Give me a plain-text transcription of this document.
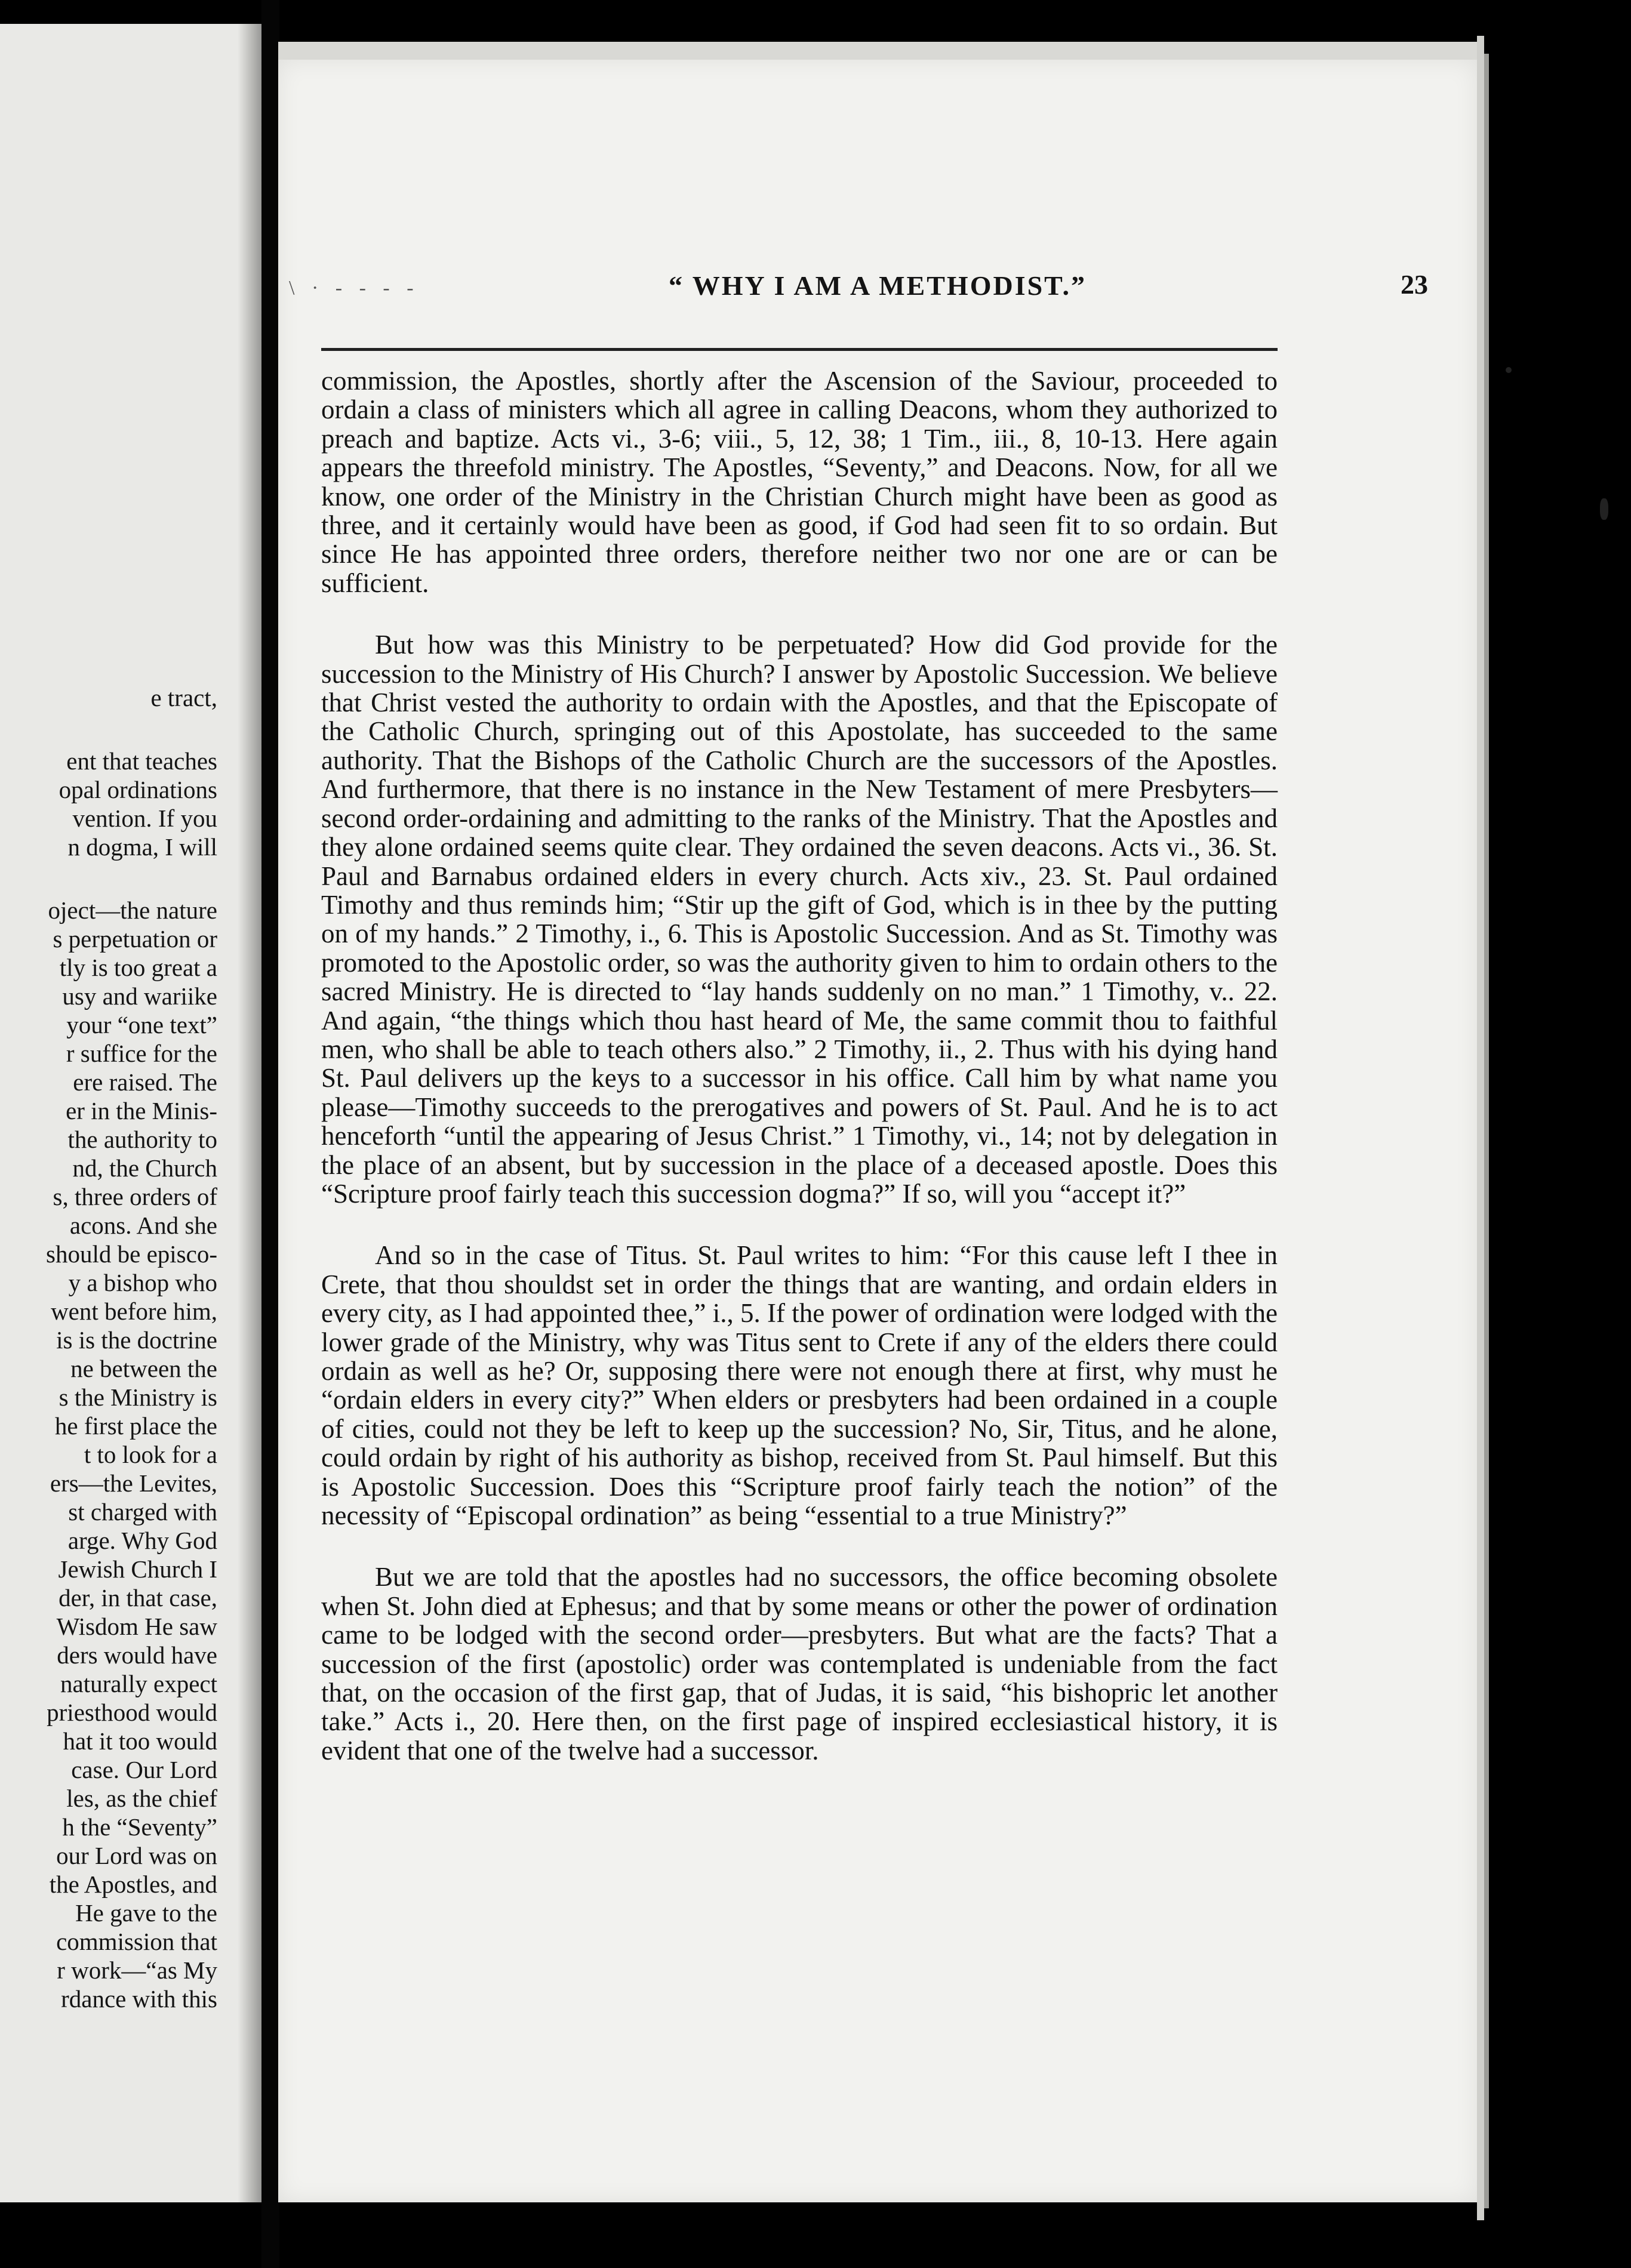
e tract,
ent that teaches
opal ordinations
vention. If you
n dogma, I will
oject—the nature
s perpetuation or
tly is too great a
usy and wariike
your “one text”
r suffice for the
ere raised. The
er in the Minis-
the authority to
nd, the Church
s, three orders of
acons. And she
should be episco-
y a bishop who
went before him,
is is the doctrine
ne between the
s the Ministry is
he first place the
t to look for a
ers—the Levites,
st charged with
arge. Why God
Jewish Church I
der, in that case,
Wisdom He saw
ders would have
naturally expect
priesthood would
hat it too would
case. Our Lord
les, as the chief
h the “Seventy”
our Lord was on
the Apostles, and
He gave to the
commission that
r work—“as My
rdance with this
\ · - - - -	“ WHY I AM A METHODIST.”	23

commission, the Apostles, shortly after the Ascension of the Saviour, proceeded to ordain a class of ministers which all agree in calling Deacons, whom they authorized to preach and baptize. Acts vi., 3-6; viii., 5, 12, 38; 1 Tim., iii., 8, 10-13. Here again appears the threefold ministry. The Apostles, “Seventy,” and Deacons. Now, for all we know, one order of the Ministry in the Christian Church might have been as good as three, and it certainly would have been as good, if God had seen fit to so ordain. But since He has appointed three orders, therefore neither two nor one are or can be sufficient.

But how was this Ministry to be perpetuated? How did God provide for the succession to the Ministry of His Church? I answer by Apostolic Succession. We believe that Christ vested the authority to ordain with the Apostles, and that the Episcopate of the Catholic Church, springing out of this Apostolate, has succeeded to the same authority. That the Bishops of the Catholic Church are the successors of the Apostles. And furthermore, that there is no instance in the New Testament of mere Presbyters—second order-ordaining and admitting to the ranks of the Ministry. That the Apostles and they alone ordained seems quite clear. They ordained the seven deacons. Acts vi., 36. St. Paul and Barnabus ordained elders in every church. Acts xiv., 23. St. Paul ordained Timothy and thus reminds him; “Stir up the gift of God, which is in thee by the putting on of my hands.” 2 Timothy, i., 6. This is Apostolic Succession. And as St. Timothy was promoted to the Apostolic order, so was the authority given to him to ordain others to the sacred Ministry. He is directed to “lay hands suddenly on no man.” 1 Timothy, v.. 22. And again, “the things which thou hast heard of Me, the same commit thou to faithful men, who shall be able to teach others also.” 2 Timothy, ii., 2. Thus with his dying hand St. Paul delivers up the keys to a successor in his office. Call him by what name you please—Timothy succeeds to the prerogatives and powers of St. Paul. And he is to act henceforth “until the appearing of Jesus Christ.” 1 Timothy, vi., 14; not by delegation in the place of an absent, but by succession in the place of a deceased apostle. Does this “Scripture proof fairly teach this succession dogma?” If so, will you “accept it?”

And so in the case of Titus. St. Paul writes to him: “For this cause left I thee in Crete, that thou shouldst set in order the things that are wanting, and ordain elders in every city, as I had appointed thee,” i., 5. If the power of ordination were lodged with the lower grade of the Ministry, why was Titus sent to Crete if any of the elders there could ordain as well as he? Or, supposing there were not enough there at first, why must he “ordain elders in every city?” When elders or presbyters had been ordained in a couple of cities, could not they be left to keep up the succession? No, Sir, Titus, and he alone, could ordain by right of his authority as bishop, received from St. Paul himself. But this is Apostolic Succession. Does this “Scripture proof fairly teach the notion” of the necessity of “Episcopal ordination” as being “essential to a true Ministry?”

But we are told that the apostles had no successors, the office becoming obsolete when St. John died at Ephesus; and that by some means or other the power of ordination came to be lodged with the second order—presbyters. But what are the facts? That a succession of the first (apostolic) order was contemplated is undeniable from the fact that, on the occasion of the first gap, that of Judas, it is said, “his bishopric let another take.” Acts i., 20. Here then, on the first page of inspired ecclesiastical history, it is evident that one of the twelve had a successor.
